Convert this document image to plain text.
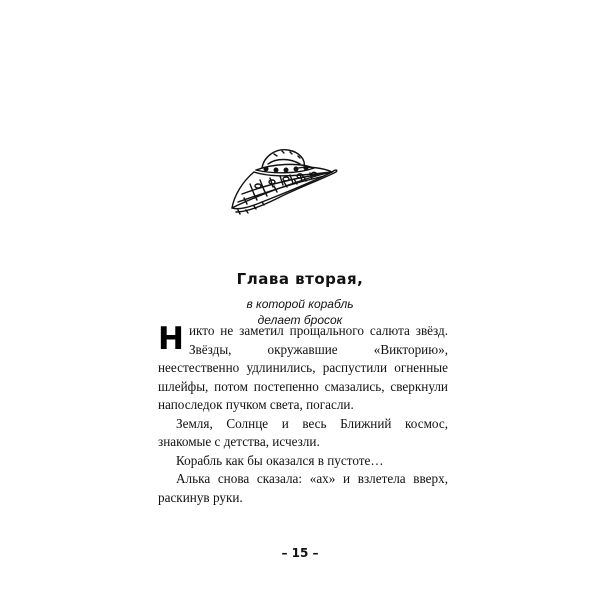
Глава вторая,
в которой корабль
делает бросок

Никто не заметил прощального салюта звёзд. Звёзды, окружавшие «Викторию», неестественно удлинились, распустили огненные шлейфы, потом постепенно смазались, сверкнули напоследок пучком света, погасли.

Земля, Солнце и весь Ближний космос, знакомые с детства, исчезли.

Корабль как бы оказался в пустоте…

Алька снова сказала: «ах» и взлетела вверх, раскинув руки.

– 15 –
